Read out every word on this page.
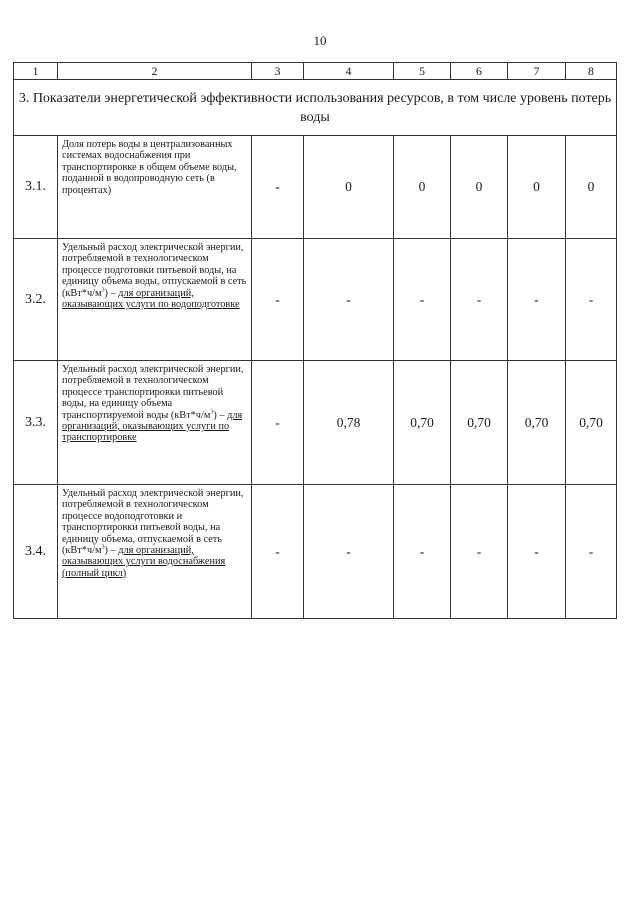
10
1	2	3	4	5	6	7	8
3. Показатели энергетической эффективности использования ресурсов, в том числе уровень потерь воды							
3.1.	Доля потерь воды в централизованных системах водоснабжения при транспортировке в общем объеме воды, поданной в водопроводную сеть (в процентах)	-	0	0	0	0	0
3.2.	Удельный расход электрической энергии, потребляемой в технологическом процессе подготовки питьевой воды, на единицу объема воды, отпускаемой в сеть $(кВт*ч/м^3)$ – для организаций, оказывающих услуги по водоподготовке	-	-	-	-	-	-
3.3.	Удельный расход электрической энергии, потребляемой в технологическом процессе транспортировки питьевой воды, на единицу объема транспортируемой воды $(кВт*ч/м^3)$ – для организаций, оказывающих услуги по транспортировке	-	0,78	0,70	0,70	0,70	0,70
3.4.	Удельный расход электрической энергии, потребляемой в технологическом процессе водоподготовки и транспортировки питьевой воды, на единицу объема, отпускаемой в сеть $(кВт*ч/м^3)$ – для организаций, оказывающих услуги водоснабжения (полный цикл)	-	-	-	-	-	-
